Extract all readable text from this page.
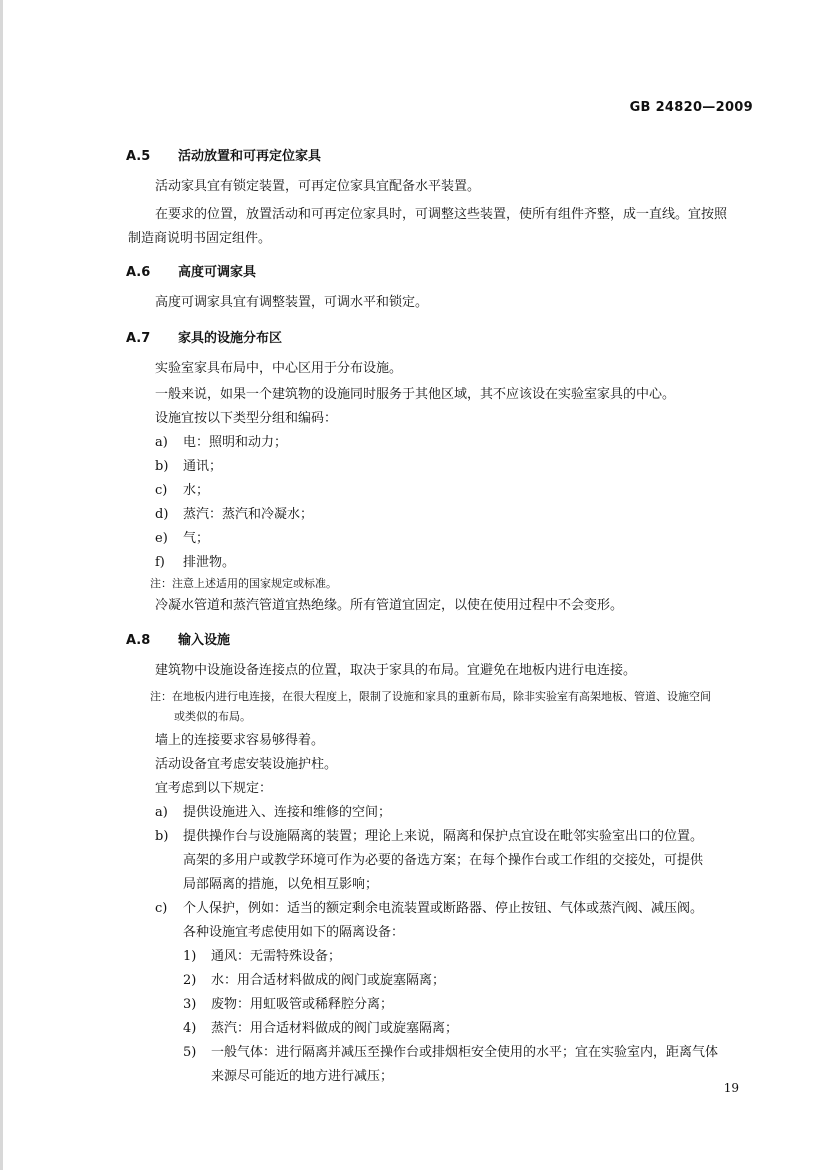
GB 24820—2009
A.5 活动放置和可再定位家具
活动家具宜有锁定装置，可再定位家具宜配备水平装置。
在要求的位置，放置活动和可再定位家具时，可调整这些装置，使所有组件齐整，成一直线。宜按照
制造商说明书固定组件。
A.6 高度可调家具
高度可调家具宜有调整装置，可调水平和锁定。
A.7 家具的设施分布区
实验室家具布局中，中心区用于分布设施。
一般来说，如果一个建筑物的设施同时服务于其他区域，其不应该设在实验室家具的中心。
设施宜按以下类型分组和编码：
a) 电：照明和动力；
b) 通讯；
c) 水；
d) 蒸汽：蒸汽和冷凝水；
e) 气；
f) 排泄物。
注：注意上述适用的国家规定或标准。
冷凝水管道和蒸汽管道宜热绝缘。所有管道宜固定，以使在使用过程中不会变形。
A.8 输入设施
建筑物中设施设备连接点的位置，取决于家具的布局。宜避免在地板内进行电连接。
注：在地板内进行电连接，在很大程度上，限制了设施和家具的重新布局，除非实验室有高架地板、管道、设施空间
或类似的布局。
墙上的连接要求容易够得着。
活动设备宜考虑安装设施护柱。
宜考虑到以下规定：
a) 提供设施进入、连接和维修的空间；
b) 提供操作台与设施隔离的装置；理论上来说，隔离和保护点宜设在毗邻实验室出口的位置。
高架的多用户或教学环境可作为必要的备选方案；在每个操作台或工作组的交接处，可提供
局部隔离的措施，以免相互影响；
c) 个人保护，例如：适当的额定剩余电流装置或断路器、停止按钮、气体或蒸汽阀、减压阀。
各种设施宜考虑使用如下的隔离设备：
1) 通风：无需特殊设备；
2) 水：用合适材料做成的阀门或旋塞隔离；
3) 废物：用虹吸管或稀释腔分离；
4) 蒸汽：用合适材料做成的阀门或旋塞隔离；
5) 一般气体：进行隔离并减压至操作台或排烟柜安全使用的水平；宜在实验室内，距离气体
来源尽可能近的地方进行减压；
19
